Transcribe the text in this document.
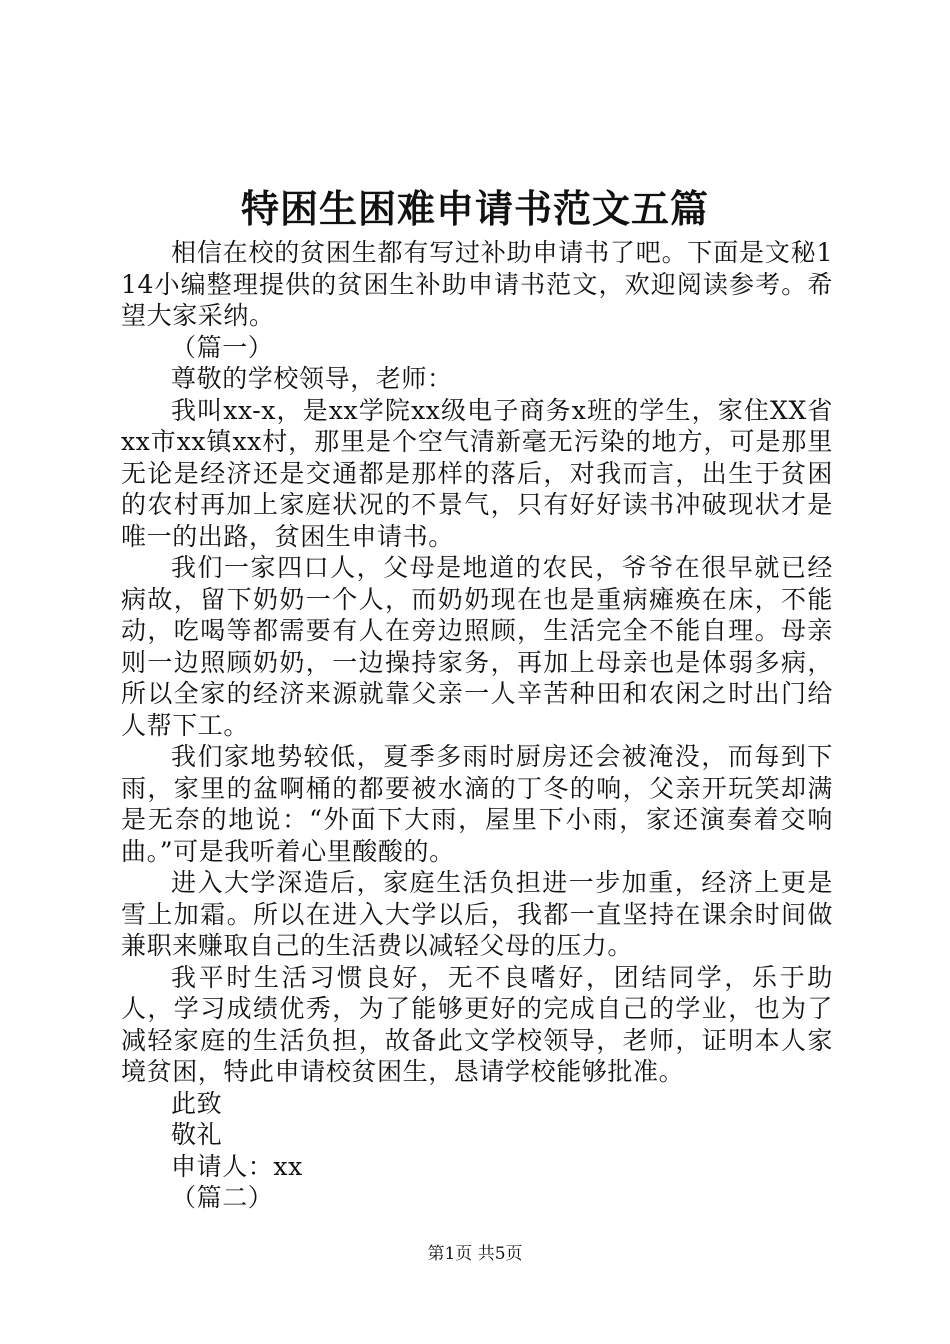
特困生困难申请书范文五篇

相信在校的贫困生都有写过补助申请书了吧。下面是文秘114小编整理提供的贫困生补助申请书范文，欢迎阅读参考。希望大家采纳。

（篇一）

尊敬的学校领导，老师：

我叫xx-x，是xx学院xx级电子商务x班的学生，家住XX省xx市xx镇xx村，那里是个空气清新毫无污染的地方，可是那里无论是经济还是交通都是那样的落后，对我而言，出生于贫困的农村再加上家庭状况的不景气，只有好好读书冲破现状才是唯一的出路，贫困生申请书。

我们一家四口人，父母是地道的农民，爷爷在很早就已经病故，留下奶奶一个人，而奶奶现在也是重病瘫痪在床，不能动，吃喝等都需要有人在旁边照顾，生活完全不能自理。母亲则一边照顾奶奶，一边操持家务，再加上母亲也是体弱多病，所以全家的经济来源就靠父亲一人辛苦种田和农闲之时出门给人帮下工。

我们家地势较低，夏季多雨时厨房还会被淹没，而每到下雨，家里的盆啊桶的都要被水滴的丁冬的响，父亲开玩笑却满是无奈的地说：“外面下大雨，屋里下小雨，家还演奏着交响曲。”可是我听着心里酸酸的。

进入大学深造后，家庭生活负担进一步加重，经济上更是雪上加霜。所以在进入大学以后，我都一直坚持在课余时间做兼职来赚取自己的生活费以减轻父母的压力。

我平时生活习惯良好，无不良嗜好，团结同学，乐于助人，学习成绩优秀，为了能够更好的完成自己的学业，也为了减轻家庭的生活负担，故备此文学校领导，老师，证明本人家境贫困，特此申请校贫困生，恳请学校能够批准。

此致

敬礼

申请人：xx

（篇二）

第1页 共5页
